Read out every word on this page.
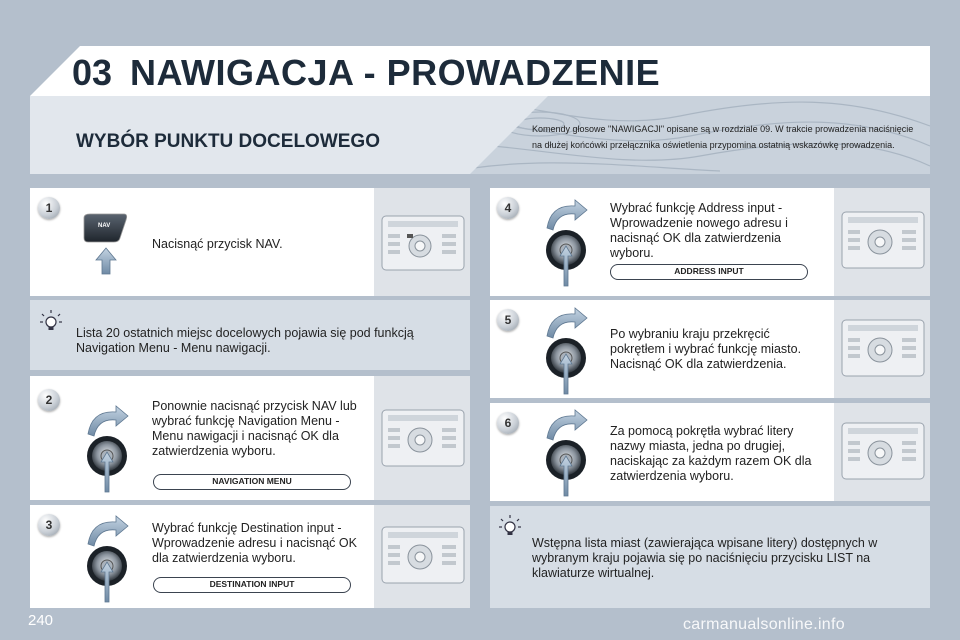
03 NAWIGACJA - PROWADZENIE
WYBÓR PUNKTU DOCELOWEGO
Komendy głosowe "NAWIGACJI" opisane są w rozdziale 09. W trakcie prowadzenia naciśnięcie na dłużej końcówki przełącznika oświetlenia przypomina ostatnią wskazówkę prowadzenia.
1
NAV
Nacisnąć przycisk NAV.
Lista 20 ostatnich miejsc docelowych pojawia się pod funkcją Navigation Menu - Menu nawigacji.
2	Ponownie nacisnąć przycisk NAV lub wybrać funkcję Navigation Menu - Menu nawigacji i nacisnąć OK dla zatwierdzenia wyboru.
NAVIGATION MENU
3	Wybrać funkcję Destination input - Wprowadzenie adresu i nacisnąć OK dla zatwierdzenia wyboru.
DESTINATION INPUT
4	Wybrać funkcję Address input - Wprowadzenie nowego adresu i nacisnąć OK dla zatwierdzenia wyboru.
ADDRESS INPUT
5
Po wybraniu kraju przekręcić pokrętłem i wybrać funkcję miasto. Nacisnąć OK dla zatwierdzenia.
6
Za pomocą pokrętła wybrać litery nazwy miasta, jedna po drugiej, naciskając za każdym razem OK dla zatwierdzenia wyboru.
Wstępna lista miast (zawierająca wpisane litery) dostępnych w wybranym kraju pojawia się po naciśnięciu przycisku LIST na klawiaturze wirtualnej.
240	carmanualsonline.info
